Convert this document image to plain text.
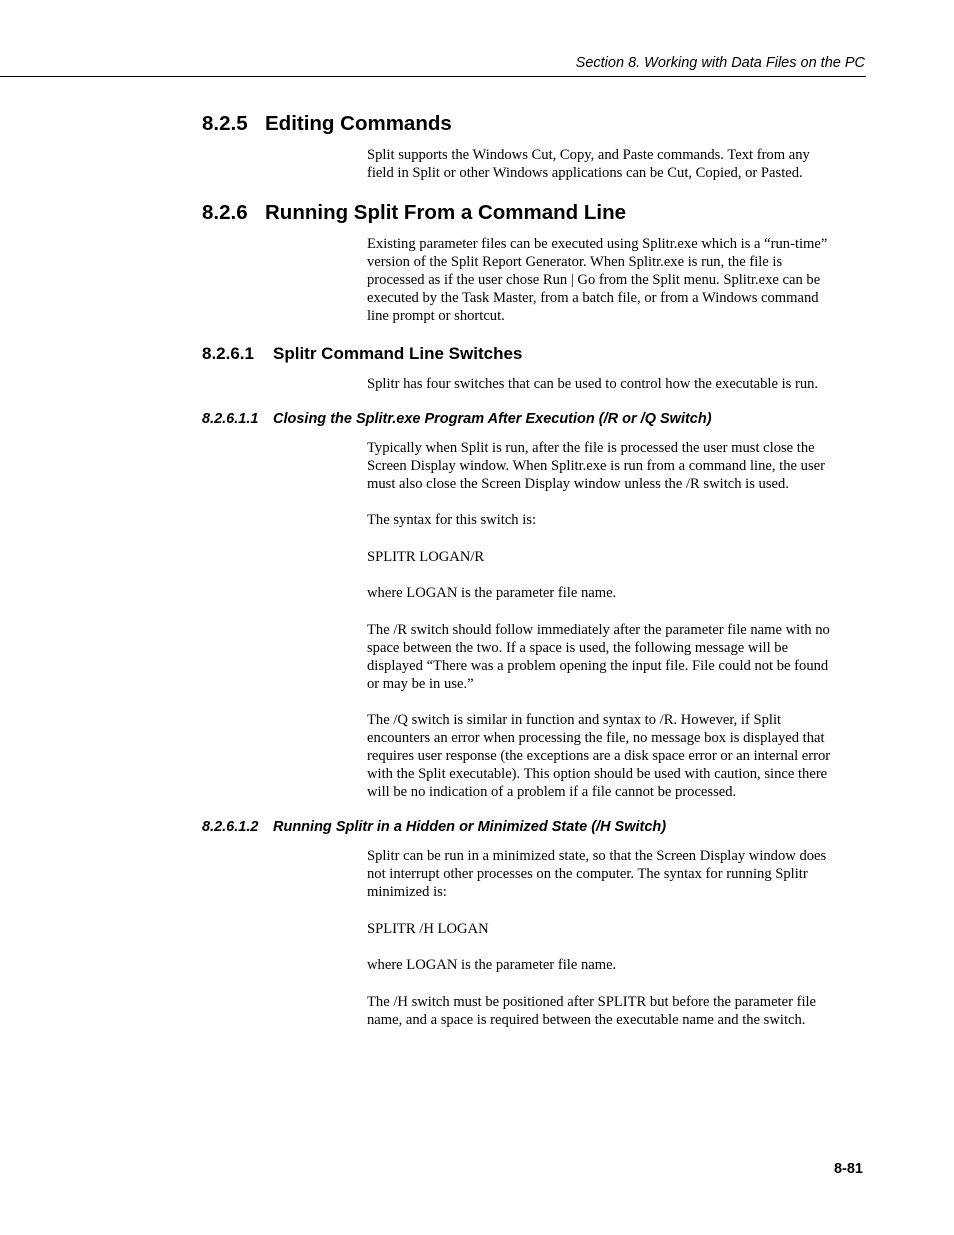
Section 8. Working with Data Files on the PC
8.2.5 Editing Commands
Split supports the Windows Cut, Copy, and Paste commands. Text from any
field in Split or other Windows applications can be Cut, Copied, or Pasted.
8.2.6 Running Split From a Command Line
Existing parameter files can be executed using Splitr.exe which is a “run-time”
version of the Split Report Generator. When Splitr.exe is run, the file is
processed as if the user chose Run | Go from the Split menu. Splitr.exe can be
executed by the Task Master, from a batch file, or from a Windows command
line prompt or shortcut.
8.2.6.1 Splitr Command Line Switches
Splitr has four switches that can be used to control how the executable is run.
8.2.6.1.1 Closing the Splitr.exe Program After Execution (/R or /Q Switch)
Typically when Split is run, after the file is processed the user must close the
Screen Display window. When Splitr.exe is run from a command line, the user
must also close the Screen Display window unless the /R switch is used.
The syntax for this switch is:
SPLITR LOGAN/R
where LOGAN is the parameter file name.
The /R switch should follow immediately after the parameter file name with no
space between the two. If a space is used, the following message will be
displayed “There was a problem opening the input file. File could not be found
or may be in use.”
The /Q switch is similar in function and syntax to /R. However, if Split
encounters an error when processing the file, no message box is displayed that
requires user response (the exceptions are a disk space error or an internal error
with the Split executable). This option should be used with caution, since there
will be no indication of a problem if a file cannot be processed.
8.2.6.1.2 Running Splitr in a Hidden or Minimized State (/H Switch)
Splitr can be run in a minimized state, so that the Screen Display window does
not interrupt other processes on the computer. The syntax for running Splitr
minimized is:
SPLITR /H LOGAN
where LOGAN is the parameter file name.
The /H switch must be positioned after SPLITR but before the parameter file
name, and a space is required between the executable name and the switch.
8-81
